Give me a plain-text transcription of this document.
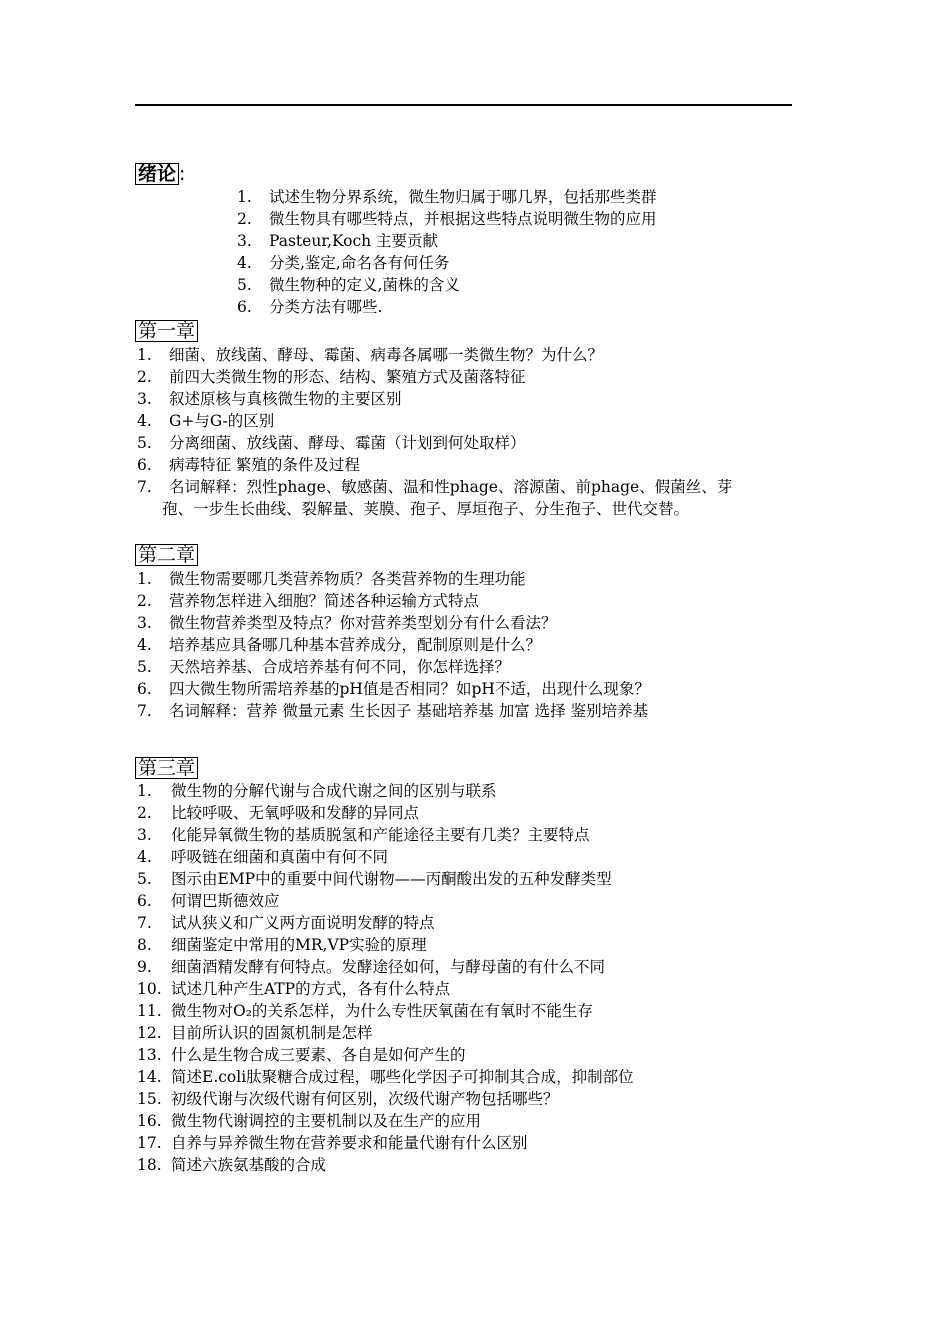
绪论 :
1. 试述生物分界系统，微生物归属于哪几界，包括那些类群
2. 微生物具有哪些特点，并根据这些特点说明微生物的应用
3. Pasteur,Koch 主要贡献
4. 分类,鉴定,命名各有何任务
5. 微生物种的定义,菌株的含义
6. 分类方法有哪些.
第一章
1. 细菌、放线菌、酵母、霉菌、病毒各属哪一类微生物？为什么？
2. 前四大类微生物的形态、结构、繁殖方式及菌落特征
3. 叙述原核与真核微生物的主要区别
4. G+与G-的区别
5. 分离细菌、放线菌、酵母、霉菌（计划到何处取样）
6. 病毒特征 繁殖的条件及过程
7. 名词解释：烈性phage、敏感菌、温和性phage、溶源菌、前phage、假菌丝、芽
孢、一步生长曲线、裂解量、荚膜、孢子、厚垣孢子、分生孢子、世代交替。
第二章
1. 微生物需要哪几类营养物质？各类营养物的生理功能
2. 营养物怎样进入细胞？简述各种运输方式特点
3. 微生物营养类型及特点？你对营养类型划分有什么看法？
4. 培养基应具备哪几种基本营养成分，配制原则是什么？
5. 天然培养基、合成培养基有何不同，你怎样选择？
6. 四大微生物所需培养基的pH值是否相同？如pH不适，出现什么现象？
7. 名词解释：营养 微量元素 生长因子 基础培养基 加富 选择 鉴别培养基
第三章
1. 微生物的分解代谢与合成代谢之间的区别与联系
2. 比较呼吸、无氧呼吸和发酵的异同点
3. 化能异氧微生物的基质脱氢和产能途径主要有几类？主要特点
4. 呼吸链在细菌和真菌中有何不同
5. 图示由EMP中的重要中间代谢物——丙酮酸出发的五种发酵类型
6. 何谓巴斯德效应
7. 试从狭义和广义两方面说明发酵的特点
8. 细菌鉴定中常用的MR,VP实验的原理
9. 细菌酒精发酵有何特点。发酵途径如何，与酵母菌的有什么不同
10. 试述几种产生ATP的方式，各有什么特点
11. 微生物对O₂的关系怎样，为什么专性厌氧菌在有氧时不能生存
12. 目前所认识的固氮机制是怎样
13. 什么是生物合成三要素、各自是如何产生的
14. 简述E.coli肽聚糖合成过程，哪些化学因子可抑制其合成，抑制部位
15. 初级代谢与次级代谢有何区别，次级代谢产物包括哪些？
16. 微生物代谢调控的主要机制以及在生产的应用
17. 自养与异养微生物在营养要求和能量代谢有什么区别
18. 简述六族氨基酸的合成
